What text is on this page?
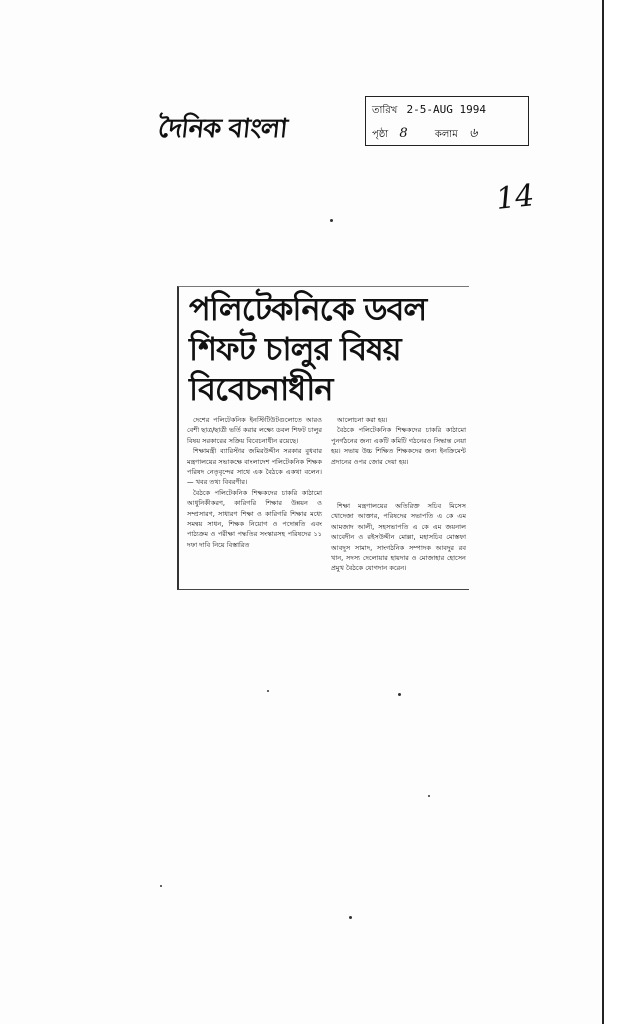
দৈনিক বাংলা
তারিখ 2-5-AUG 1994
পৃষ্ঠা 8	কলাম ৬
14
পলিটেকনিকে ডবল শিফট চালুর বিষয় বিবেচনাধীন

দেশের পলিটেকনিক ইনস্টিটিউটগুলোতে আরও বেশী ছাত্র/ছাত্রী ভর্তি করার লক্ষ্যে ডবল শিফট চালুর বিষয় সরকারের সক্রিয় বিবেচনাধীন রয়েছে।

শিক্ষামন্ত্রী ব্যারিস্টার জমিরউদ্দীন সরকার বুধবার মন্ত্রণালয়ের সভাকক্ষে বাংলাদেশ পলিটেকনিক শিক্ষক পরিষদ নেতৃবৃন্দের সাথে এক বৈঠকে একথা বলেন। — খবর তথ্য বিবরণীর।

বৈঠকে পলিটেকনিক শিক্ষকদের চাকরি কাঠামো আধুনিকীকরণ, কারিগরি শিক্ষার উন্নয়ন ও সম্প্রসারণ, সাধারণ শিক্ষা ও কারিগরি শিক্ষার মধ্যে সমন্বয় সাধন, শিক্ষক নিয়োগ ও পদোন্নতি এবং পাঠ্যক্রম ও পরীক্ষা পদ্ধতির সংস্কারসহ পরিষদের ১১ দফা দাবি নিয়ে বিস্তারিত

আলোচনা করা হয়।

বৈঠকে পলিটেকনিক শিক্ষকদের চাকরি কাঠামো পুনর্গঠনের জন্য একটি কমিটি গঠনেরও সিদ্ধান্ত নেয়া হয়। সভায় উচ্চ শিক্ষিত শিক্ষকদের জন্য ইনক্রিমেন্ট প্রদানের ওপর জোর দেয়া হয়।

শিক্ষা মন্ত্রণালয়ের অতিরিক্ত সচিব মিসেস খোদেজা আক্তার, পরিষদের সভাপতি এ কে এম আমজাদ আলী, সহসভাপতি এ কে এম জয়নাল আবেদীন ও রইসউদ্দীন মোল্লা, মহাসচিব মোস্তফা আবদুস সামাদ, সাংগঠনিক সম্পাদক আবদুর রব খান, সদস্য দেলোয়ার হায়দার ও মোজাহার হোসেন প্রমুখ বৈঠকে যোগদান করেন।
